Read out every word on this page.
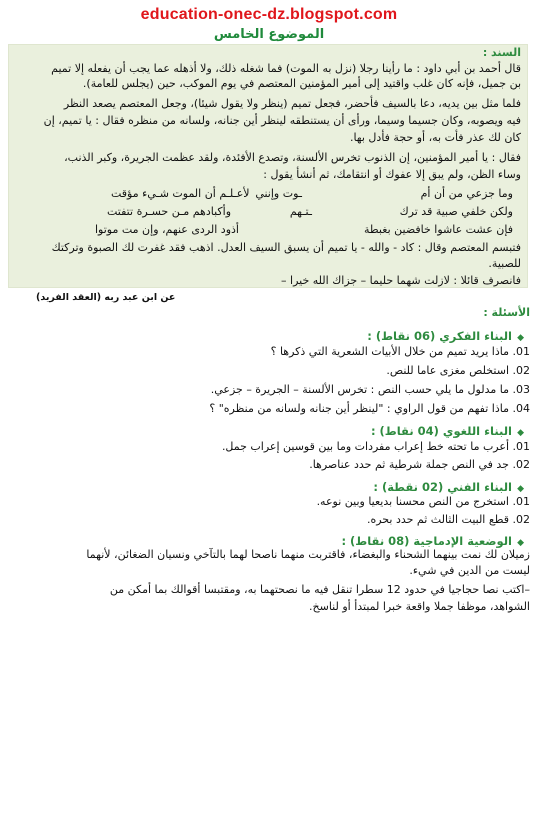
education-onec-dz.blogspot.com
الموضوع الخامس
السند :
قال أحمد بن أبي داود : ما رأينا رجلا (نزل به الموت) فما شغله ذلك، ولا أذهله عما يجب أن يفعله إلا تميم
بن جميل، فإنه كان غلب واقتيد إلى أمير المؤمنين المعتصم في يوم الموكب، حين (يجلس للعامة).
فلما مثل بين يديه، دعا بالسيف فأحضر، فجعل تميم (ينظر ولا يقول شيئا)، وجعل المعتصم يصعد النظر
فيه ويصوبه، وكان جسيما وسيما، ورأى أن يستنطقه لينظر أين جنانه، ولسانه من منظره فقال : يا تميم، إن
كان لك عذر فأت به، أو حجة فأدل بها.
فقال : يا أمير المؤمنين، إن الذنوب تخرس الألسنة، وتصدع الأفئدة، ولقد عظمت الجريرة، وكبر الذنب،
وساء الظن، ولم يبق إلا عفوك أو انتقامك، ثم أنشأ يقول :
وما جزعي من أن أم
ـوت وإنني
لأعـلـم أن الموت شـيء مؤقت
ولكن خلفي صبية قد ترك
ـتـهم
وأكبادهم مـن حسـرة تتفتت
فإن عشت عاشوا خافضين بغبطة
أذود الردى عنهم، وإن مت موتوا
فتبسم المعتصم وقال : كاد - والله - يا تميم أن يسبق السيف العدل. اذهب فقد غفرت لك الصبوة وتركتك
للصبية.
فانصرف قائلا : لازلت شهما حليما – جزاك الله خيرا –
عن ابن عبد ربه (العقد الفريد)
الأسئلة :
◆ البناء الفكري (06 نقاط) :
.01 ماذا يريد تميم من خلال الأبيات الشعرية التي ذكرها ؟
.02 استخلص مغزى عاما للنص.
.03 ما مدلول ما يلي حسب النص : تخرس الألسنة – الجريرة – جزعي.
.04 ماذا تفهم من قول الراوي : "لينظر أين جنانه ولسانه من منظره" ؟
◆ البناء اللغوي (04 نقاط) :
.01 أعرب ما تحته خط إعراب مفردات وما بين قوسين إعراب جمل.
.02 جد في النص جملة شرطية ثم حدد عناصرها.
◆ البناء الفني (02 نقطة) :
.01 استخرج من النص محسنا بديعيا وبين نوعه.
.02 قطع البيت الثالث ثم حدد بحره.
◆ الوضعية الإدماجية (08 نقاط) :
زميلان لك نمت بينهما الشحناء والبغضاء، فاقتربت منهما ناصحا لهما بالتآخي ونسيان الضغائن، لأنهما
ليست من الدين في شيء.
–اكتب نصا حجاجيا في حدود 12 سطرا تنقل فيه ما نصحتهما به، ومقتبسا أقوالك بما أمكن من
الشواهد، موظفا جملا واقعة خبرا لمبتدأ أو لناسخ.
